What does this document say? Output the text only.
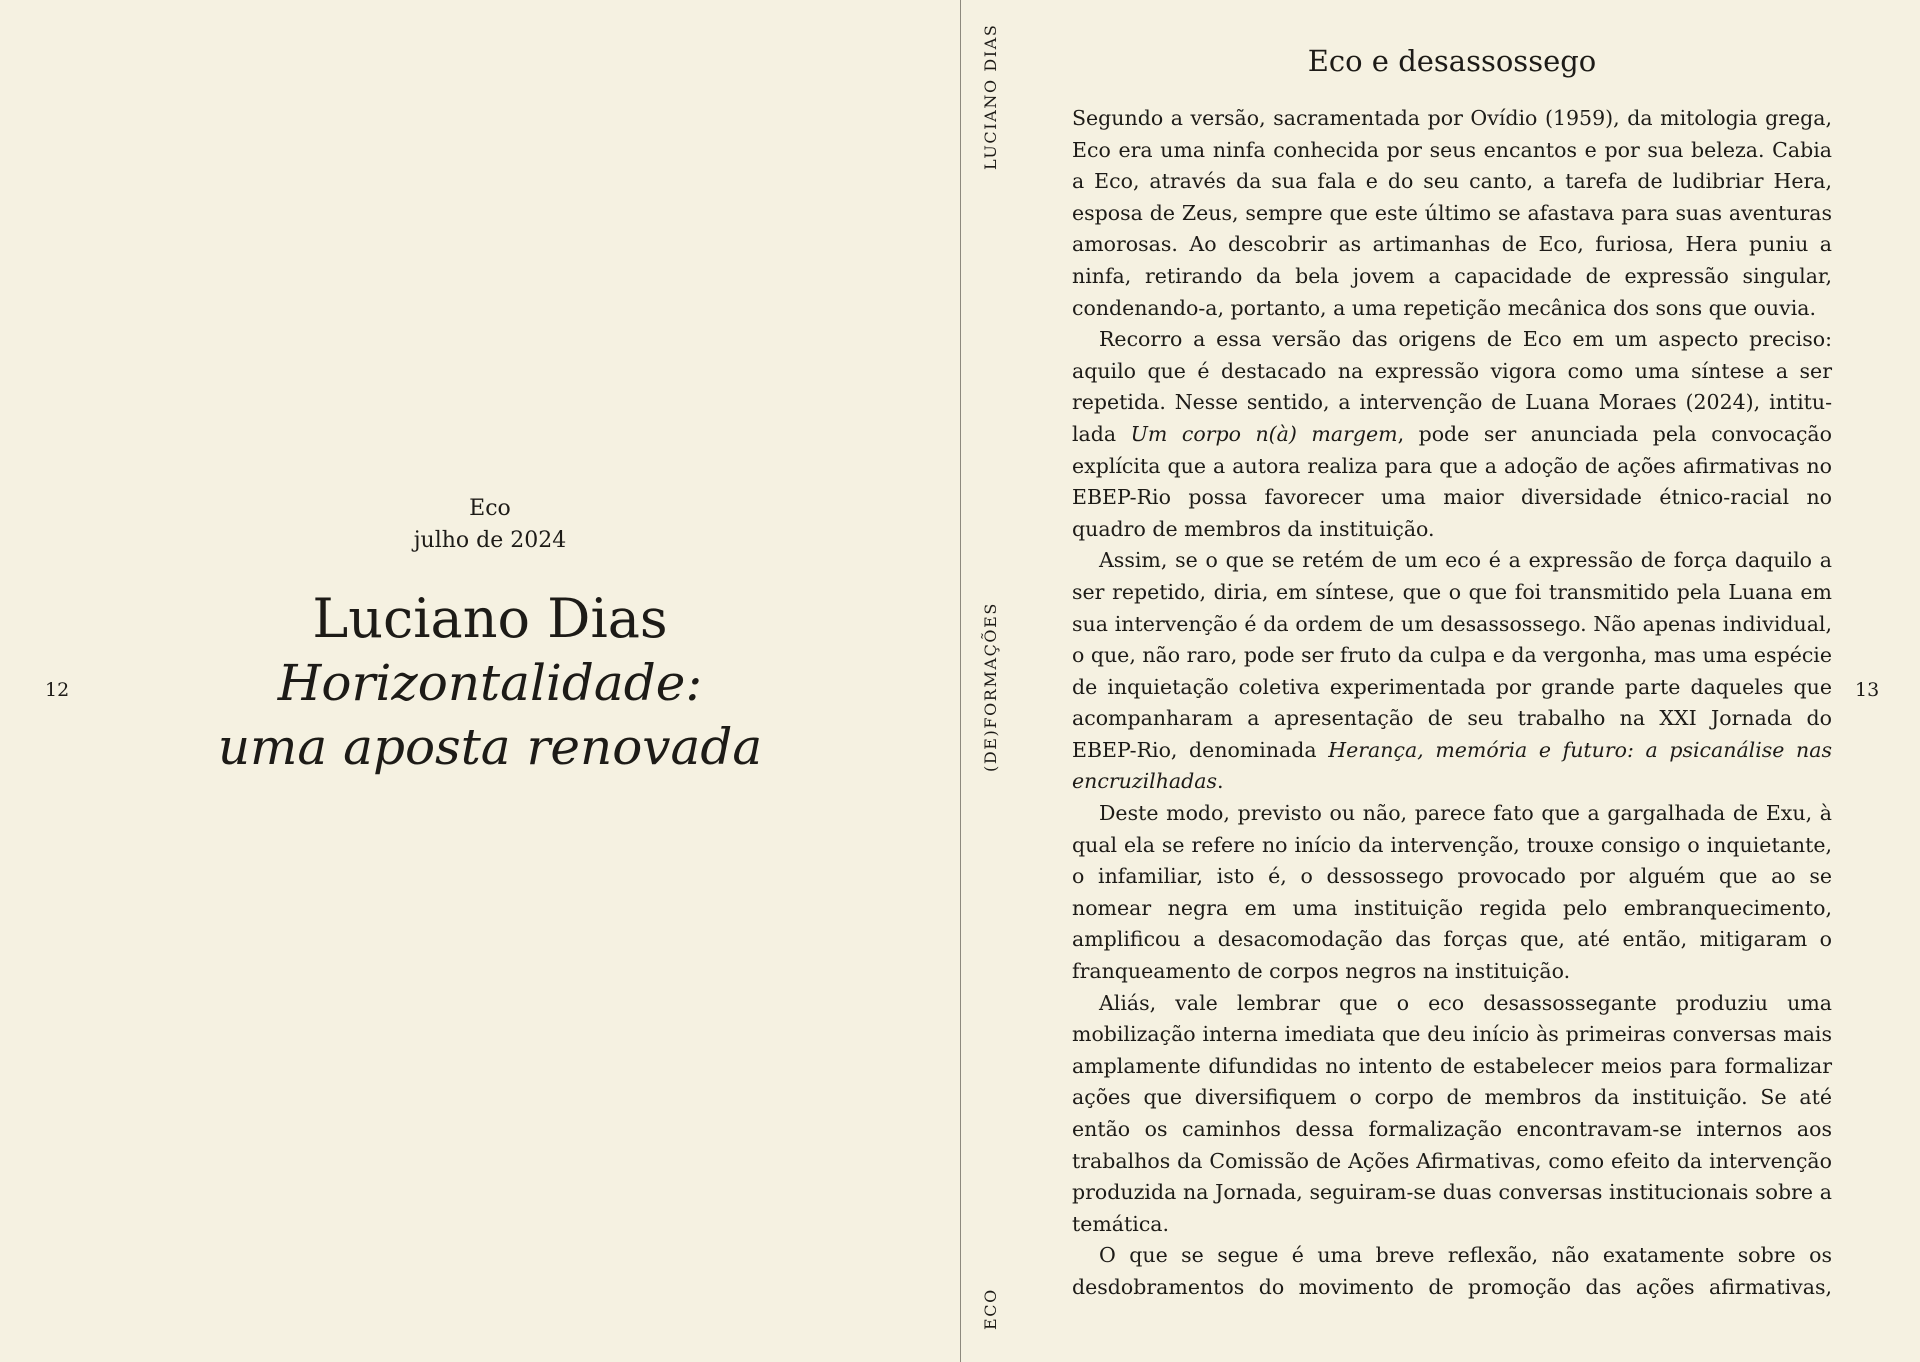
Eco
julho de 2024
Luciano Dias
Horizontalidade:
uma aposta renovada
12
LUCIANO DIAS
(DE)FORMAÇÕES
ECO
Eco e desassossego

Segundo a versão, sacramentada por Ovídio (1959), da mitologia grega, Eco era uma ninfa conhecida por seus encantos e por sua beleza. Cabia a Eco, através da sua fala e do seu canto, a tarefa de ludibriar Hera, esposa de Zeus, sempre que este último se afastava para suas aventuras amorosas. Ao descobrir as artimanhas de Eco, furiosa, Hera puniu a ninfa, retirando da bela jovem a capacidade de expressão singular, condenando-a, portanto, a uma repetição mecânica dos sons que ouvia.

Recorro a essa versão das origens de Eco em um aspecto preciso: aquilo que é destacado na expressão vigora como uma síntese a ser repetida. Nesse sentido, a intervenção de Luana Moraes (2024), intitulada Um corpo n(à) margem, pode ser anunciada pela convocação explícita que a autora realiza para que a adoção de ações afirmativas no EBEP-Rio possa favorecer uma maior diversidade étnico-racial no quadro de membros da instituição.

Assim, se o que se retém de um eco é a expressão de força daquilo a ser repetido, diria, em síntese, que o que foi transmitido pela Luana em sua intervenção é da ordem de um desassossego. Não apenas individual, o que, não raro, pode ser fruto da culpa e da vergonha, mas uma espécie de inquietação coletiva experimentada por grande parte daqueles que acompanharam a apresentação de seu trabalho na XXI Jornada do EBEP-Rio, denominada Herança, memória e futuro: a psicanálise nas encruzilhadas.

Deste modo, previsto ou não, parece fato que a gargalhada de Exu, à qual ela se refere no início da intervenção, trouxe consigo o inquietante, o infamiliar, isto é, o dessossego provocado por alguém que ao se nomear negra em uma instituição regida pelo embranquecimento, amplificou a desacomodação das forças que, até então, mitigaram o franqueamento de corpos negros na instituição.

Aliás, vale lembrar que o eco desassossegante produziu uma mobilização interna imediata que deu início às primeiras conversas mais amplamente difundidas no intento de estabelecer meios para formalizar ações que diversifiquem o corpo de membros da instituição. Se até então os caminhos dessa formalização encontravam-se internos aos trabalhos da Comissão de Ações Afirmativas, como efeito da intervenção produzida na Jornada, seguiram-se duas conversas institucionais sobre a temática.

O que se segue é uma breve reflexão, não exatamente sobre os desdobramentos do movimento de promoção das ações afirmativas,

13
